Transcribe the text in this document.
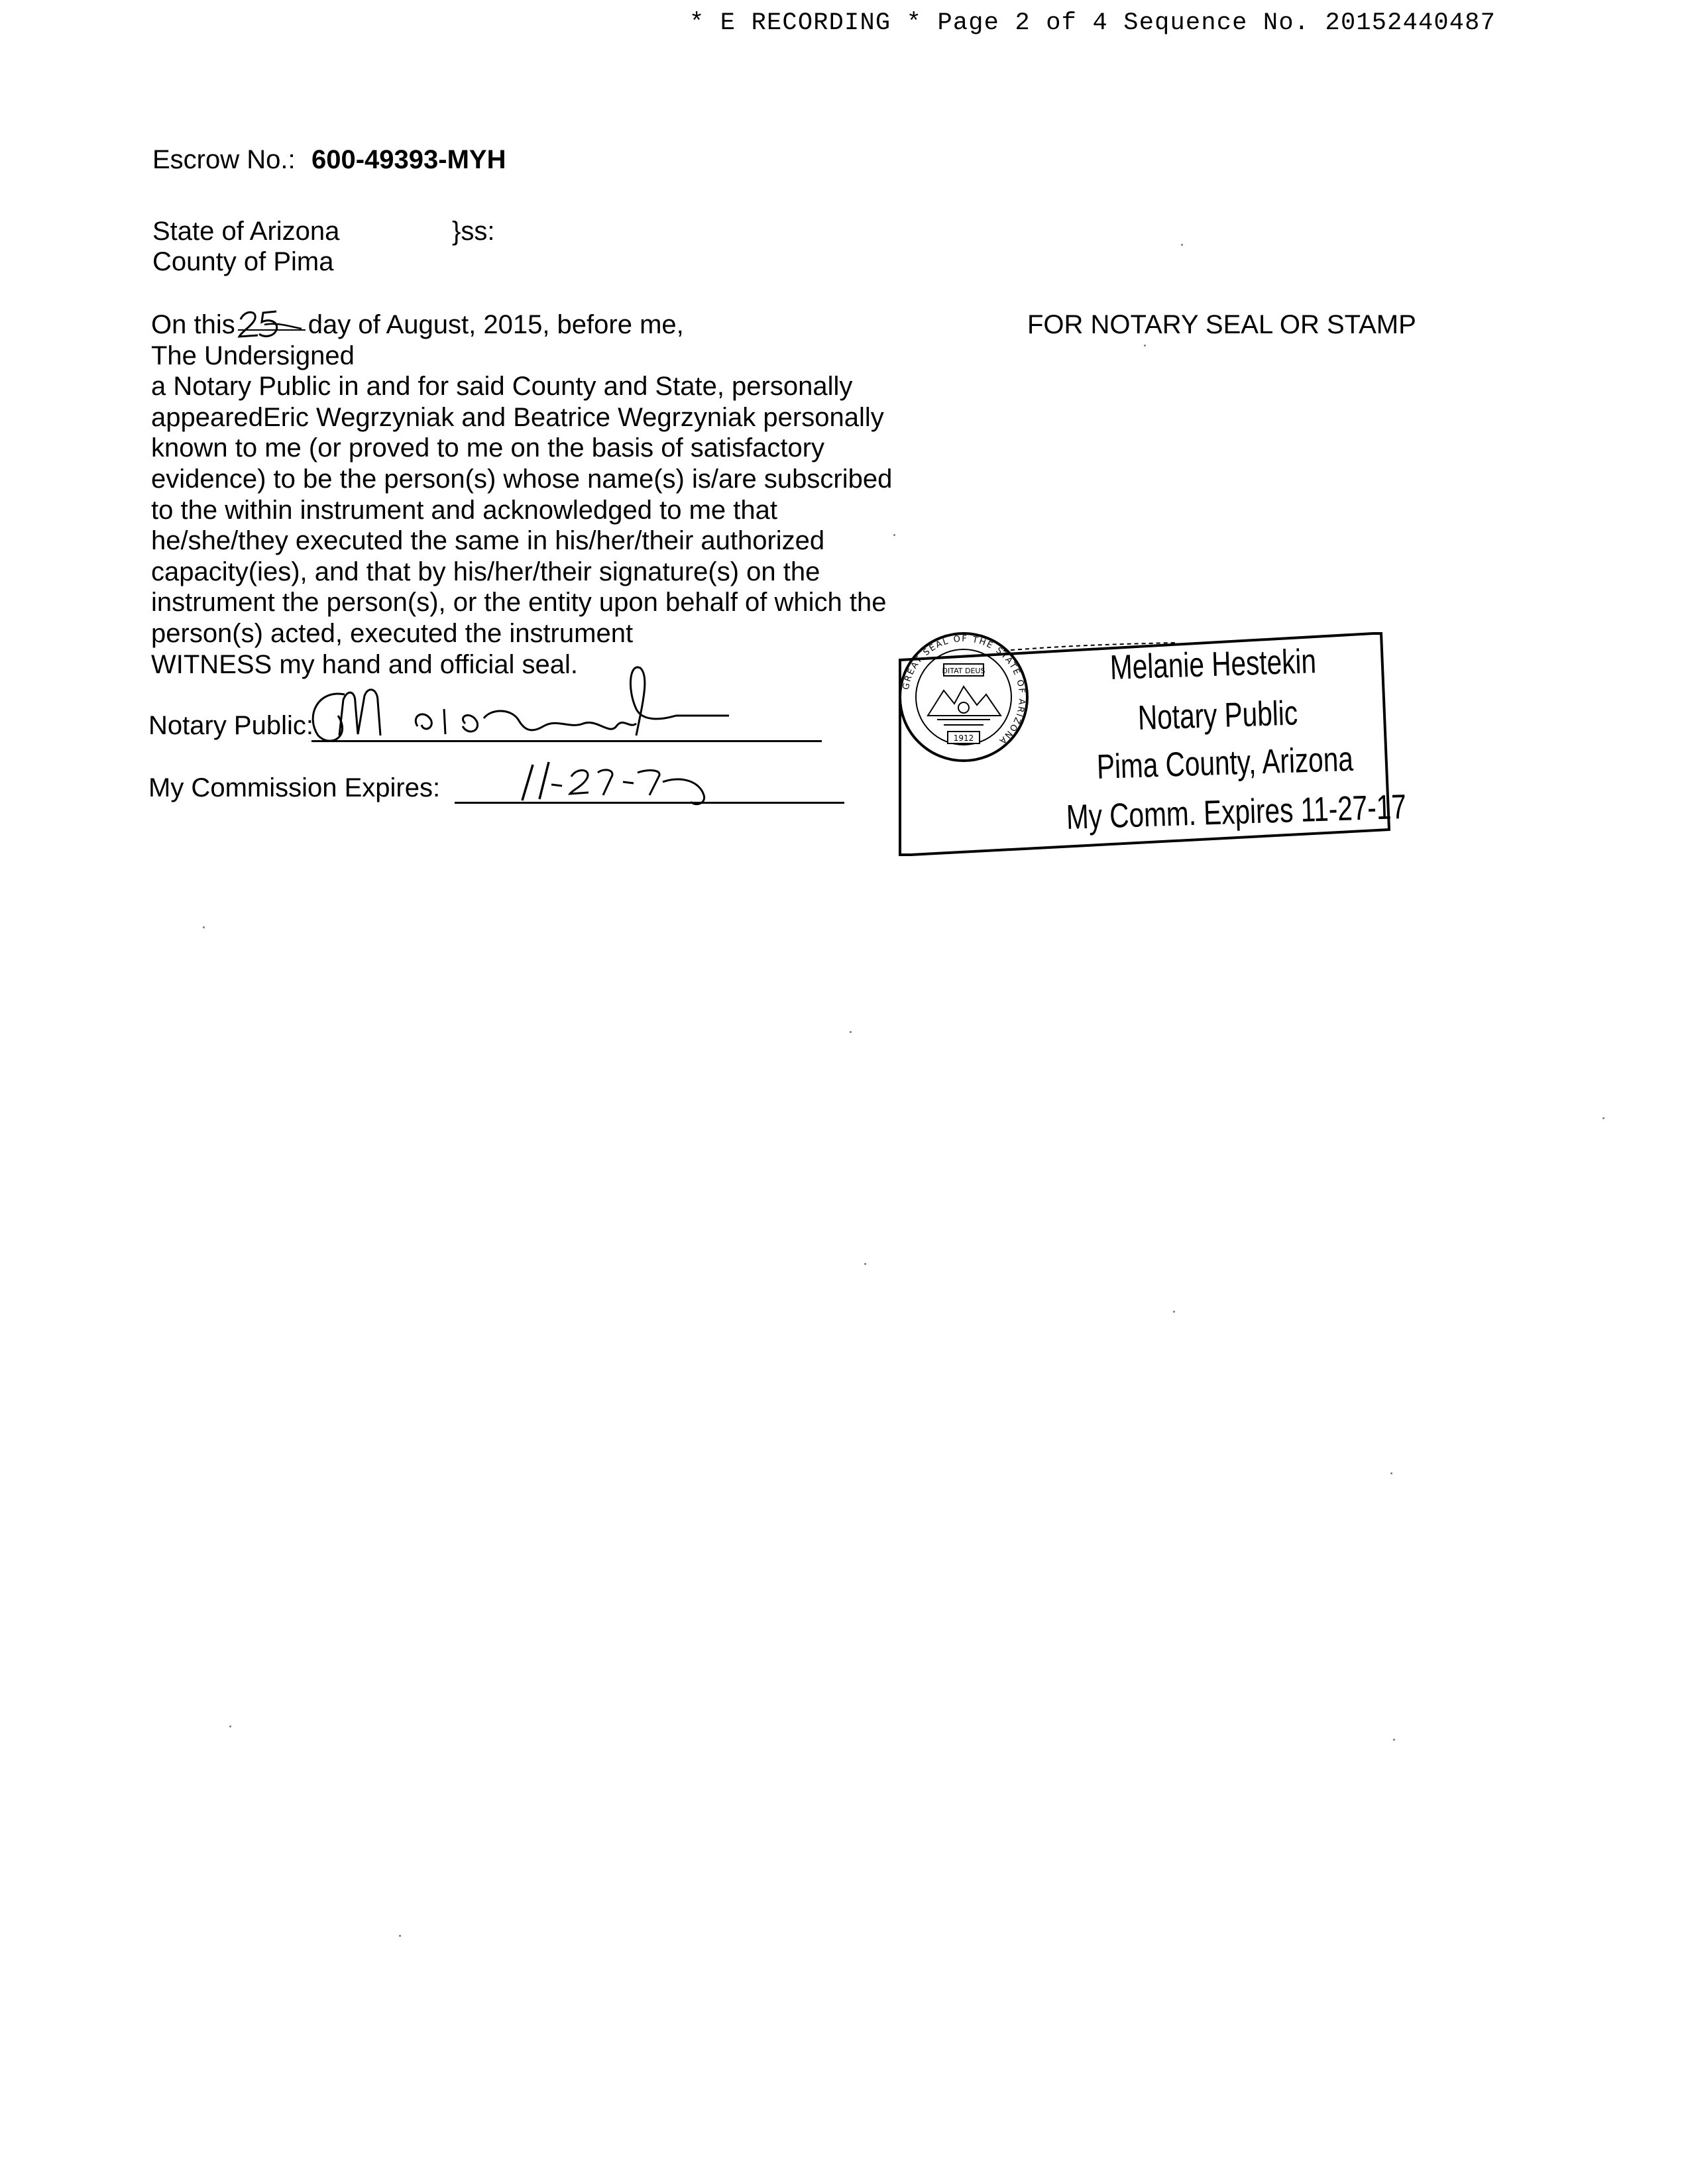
* E RECORDING * Page 2 of 4 Sequence No. 20152440487
Escrow No.: 600-49393-MYH
State of Arizona
County of Pima
}ss:
FOR NOTARY SEAL OR STAMP
On this	day of August, 2015, before me,
The Undersigned
a Notary Public in and for said County and State, personally
appearedEric Wegrzyniak and Beatrice Wegrzyniak personally
known to me (or proved to me on the basis of satisfactory
evidence) to be the person(s) whose name(s) is/are subscribed
to the within instrument and acknowledged to me that
he/she/they executed the same in his/her/their authorized
capacity(ies), and that by his/her/their signature(s) on the
instrument the person(s), or the entity upon behalf of which the
person(s) acted, executed the instrument
WITNESS my hand and official seal.
Notary Public:
My Commission Expires:
GREAT SEAL OF THE STATE OF ARIZONA
DITAT DEUS
1912
Melanie Hestekin
Notary Public
Pima County, Arizona
My Comm. Expires 11-27-17
